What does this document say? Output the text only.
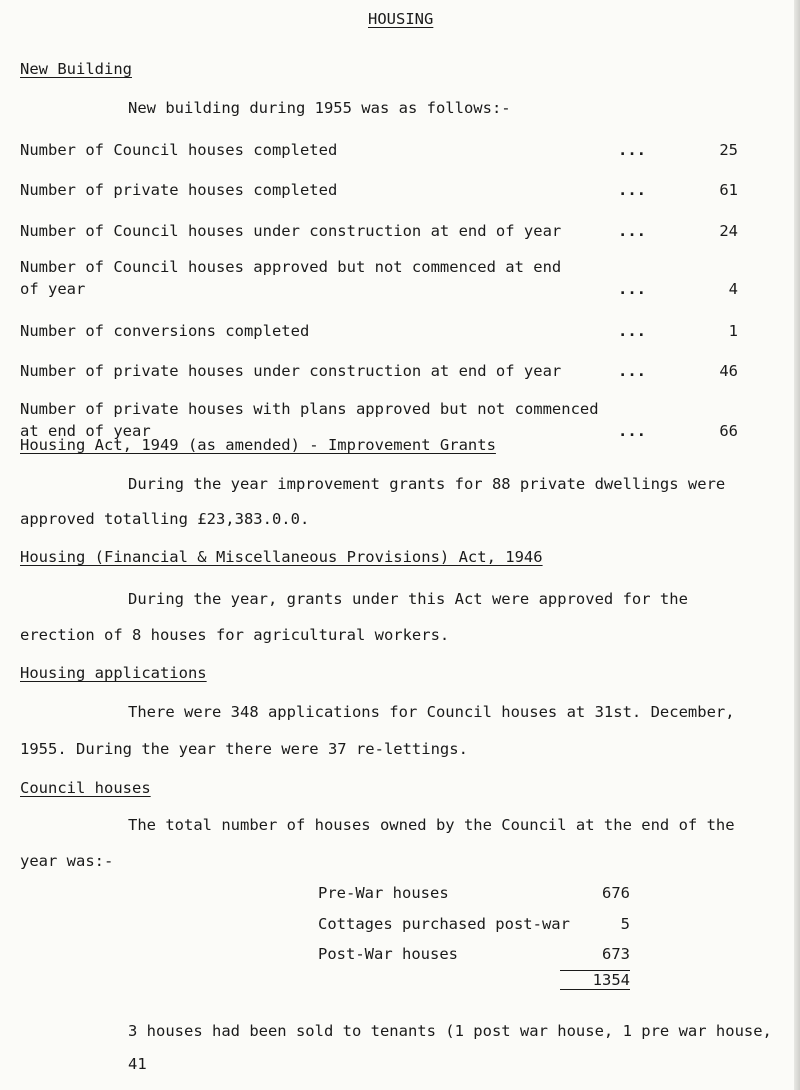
HOUSING
New Building
New building during 1955 was as follows:-
Number of Council houses completed	...	25
Number of private houses completed	...	61
Number of Council houses under construction at end of year	...	24
Number of Council houses approved but not commenced at end
of year	...	4
Number of conversions completed	...	1
Number of private houses under construction at end of year	...	46
Number of private houses with plans approved but not commenced
at end of year	...	66
Housing Act, 1949 (as amended) - Improvement Grants
During the year improvement grants for 88 private dwellings were
approved totalling £23,383.0.0.
Housing (Financial & Miscellaneous Provisions) Act, 1946
During the year, grants under this Act were approved for the
erection of 8 houses for agricultural workers.
Housing applications
There were 348 applications for Council houses at 31st. December,
1955. During the year there were 37 re-lettings.
Council houses
The total number of houses owned by the Council at the end of the
year was:-
Pre-War houses	676
Cottages purchased post-war	5
Post-War houses	673
1354
3 houses had been sold to tenants (1 post war house, 1 pre war house,
41
